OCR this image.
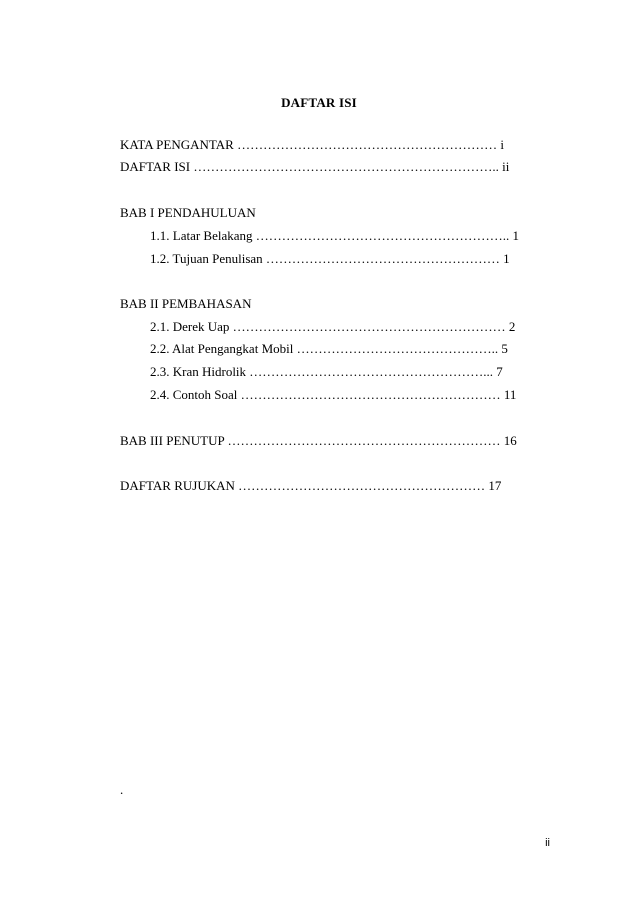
DAFTAR ISI
KATA PENGANTAR …………………………………………………… i
DAFTAR ISI …………………………………………………………….. ii
BAB I PENDAHULUAN
1.1. Latar Belakang ………………………………………………….. 1
1.2. Tujuan Penulisan ……………………………………………… 1
BAB II PEMBAHASAN
2.1. Derek Uap ……………………………………………………… 2
2.2. Alat Pengangkat Mobil ……………………………………….. 5
2.3. Kran Hidrolik ………………………………………………... 7
2.4. Contoh Soal …………………………………………………… 11
BAB III PENUTUP ……………………………………………………… 16
DAFTAR RUJUKAN ………………………………………………… 17
.
ii
